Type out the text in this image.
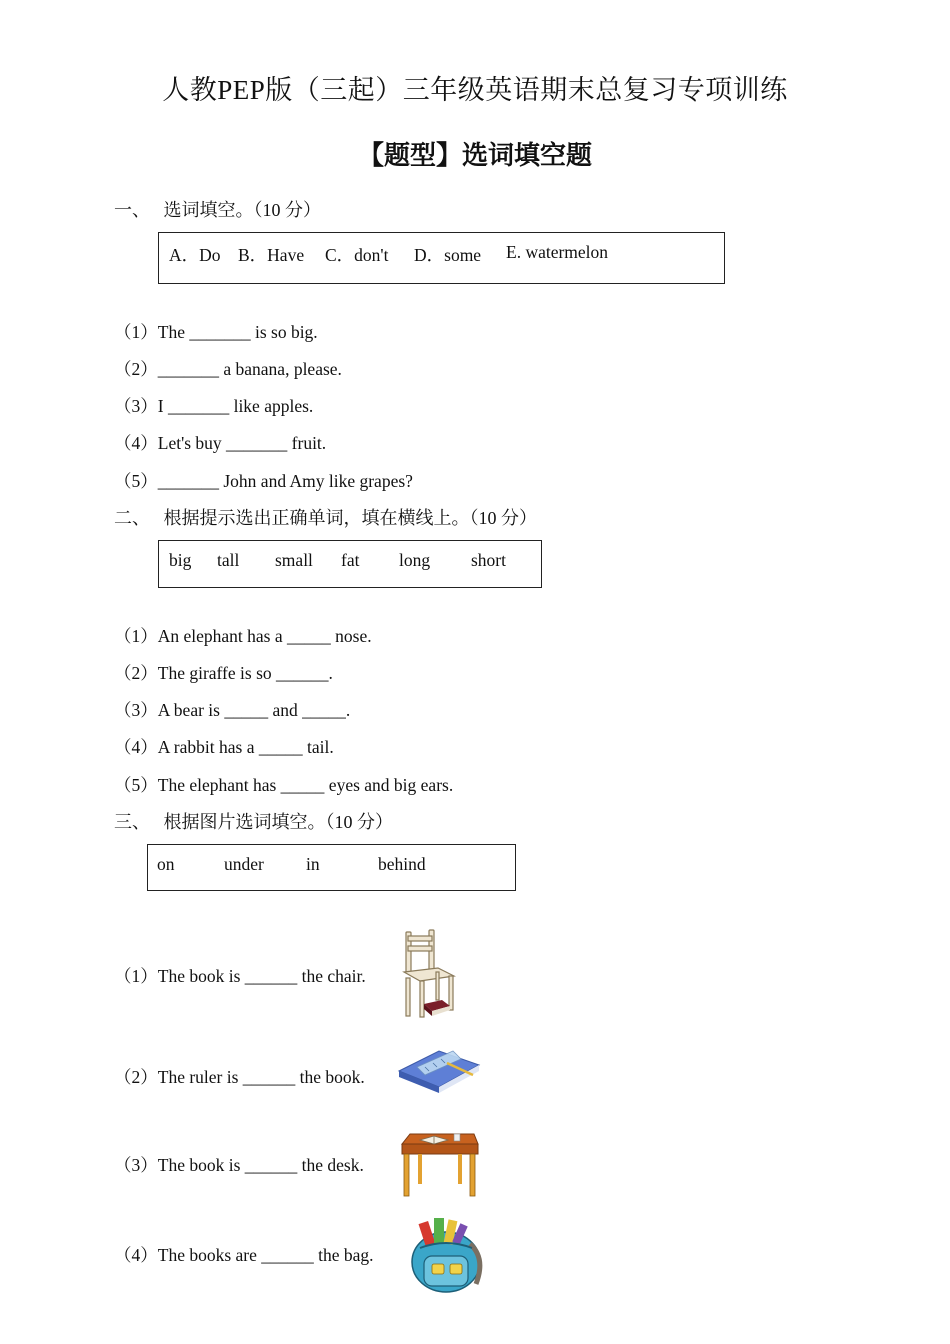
人教PEP版（三起）三年级英语期末总复习专项训练
【题型】选词填空题
一、   选词填空。（10 分）
A．Do B．Have C．don't D．some E. watermelon
（1）The _______ is so big.
（2）_______ a banana, please.
（3）I _______ like apples.
（4）Let's buy _______ fruit.
（5）_______ John and Amy like grapes?
二、   根据提示选出正确单词，填在横线上。（10 分）
big tall small fat long short
（1）An elephant has a _____ nose.
（2）The giraffe is so ______.
（3）A bear is _____ and _____.
（4）A rabbit has a _____ tail.
（5）The elephant has _____ eyes and big ears.
三、   根据图片选词填空。（10 分）
on	under in	behind
（1）The book is ______ the chair.
（2）The ruler is ______ the book.
（3）The book is ______ the desk.
（4）The books are ______ the bag.
